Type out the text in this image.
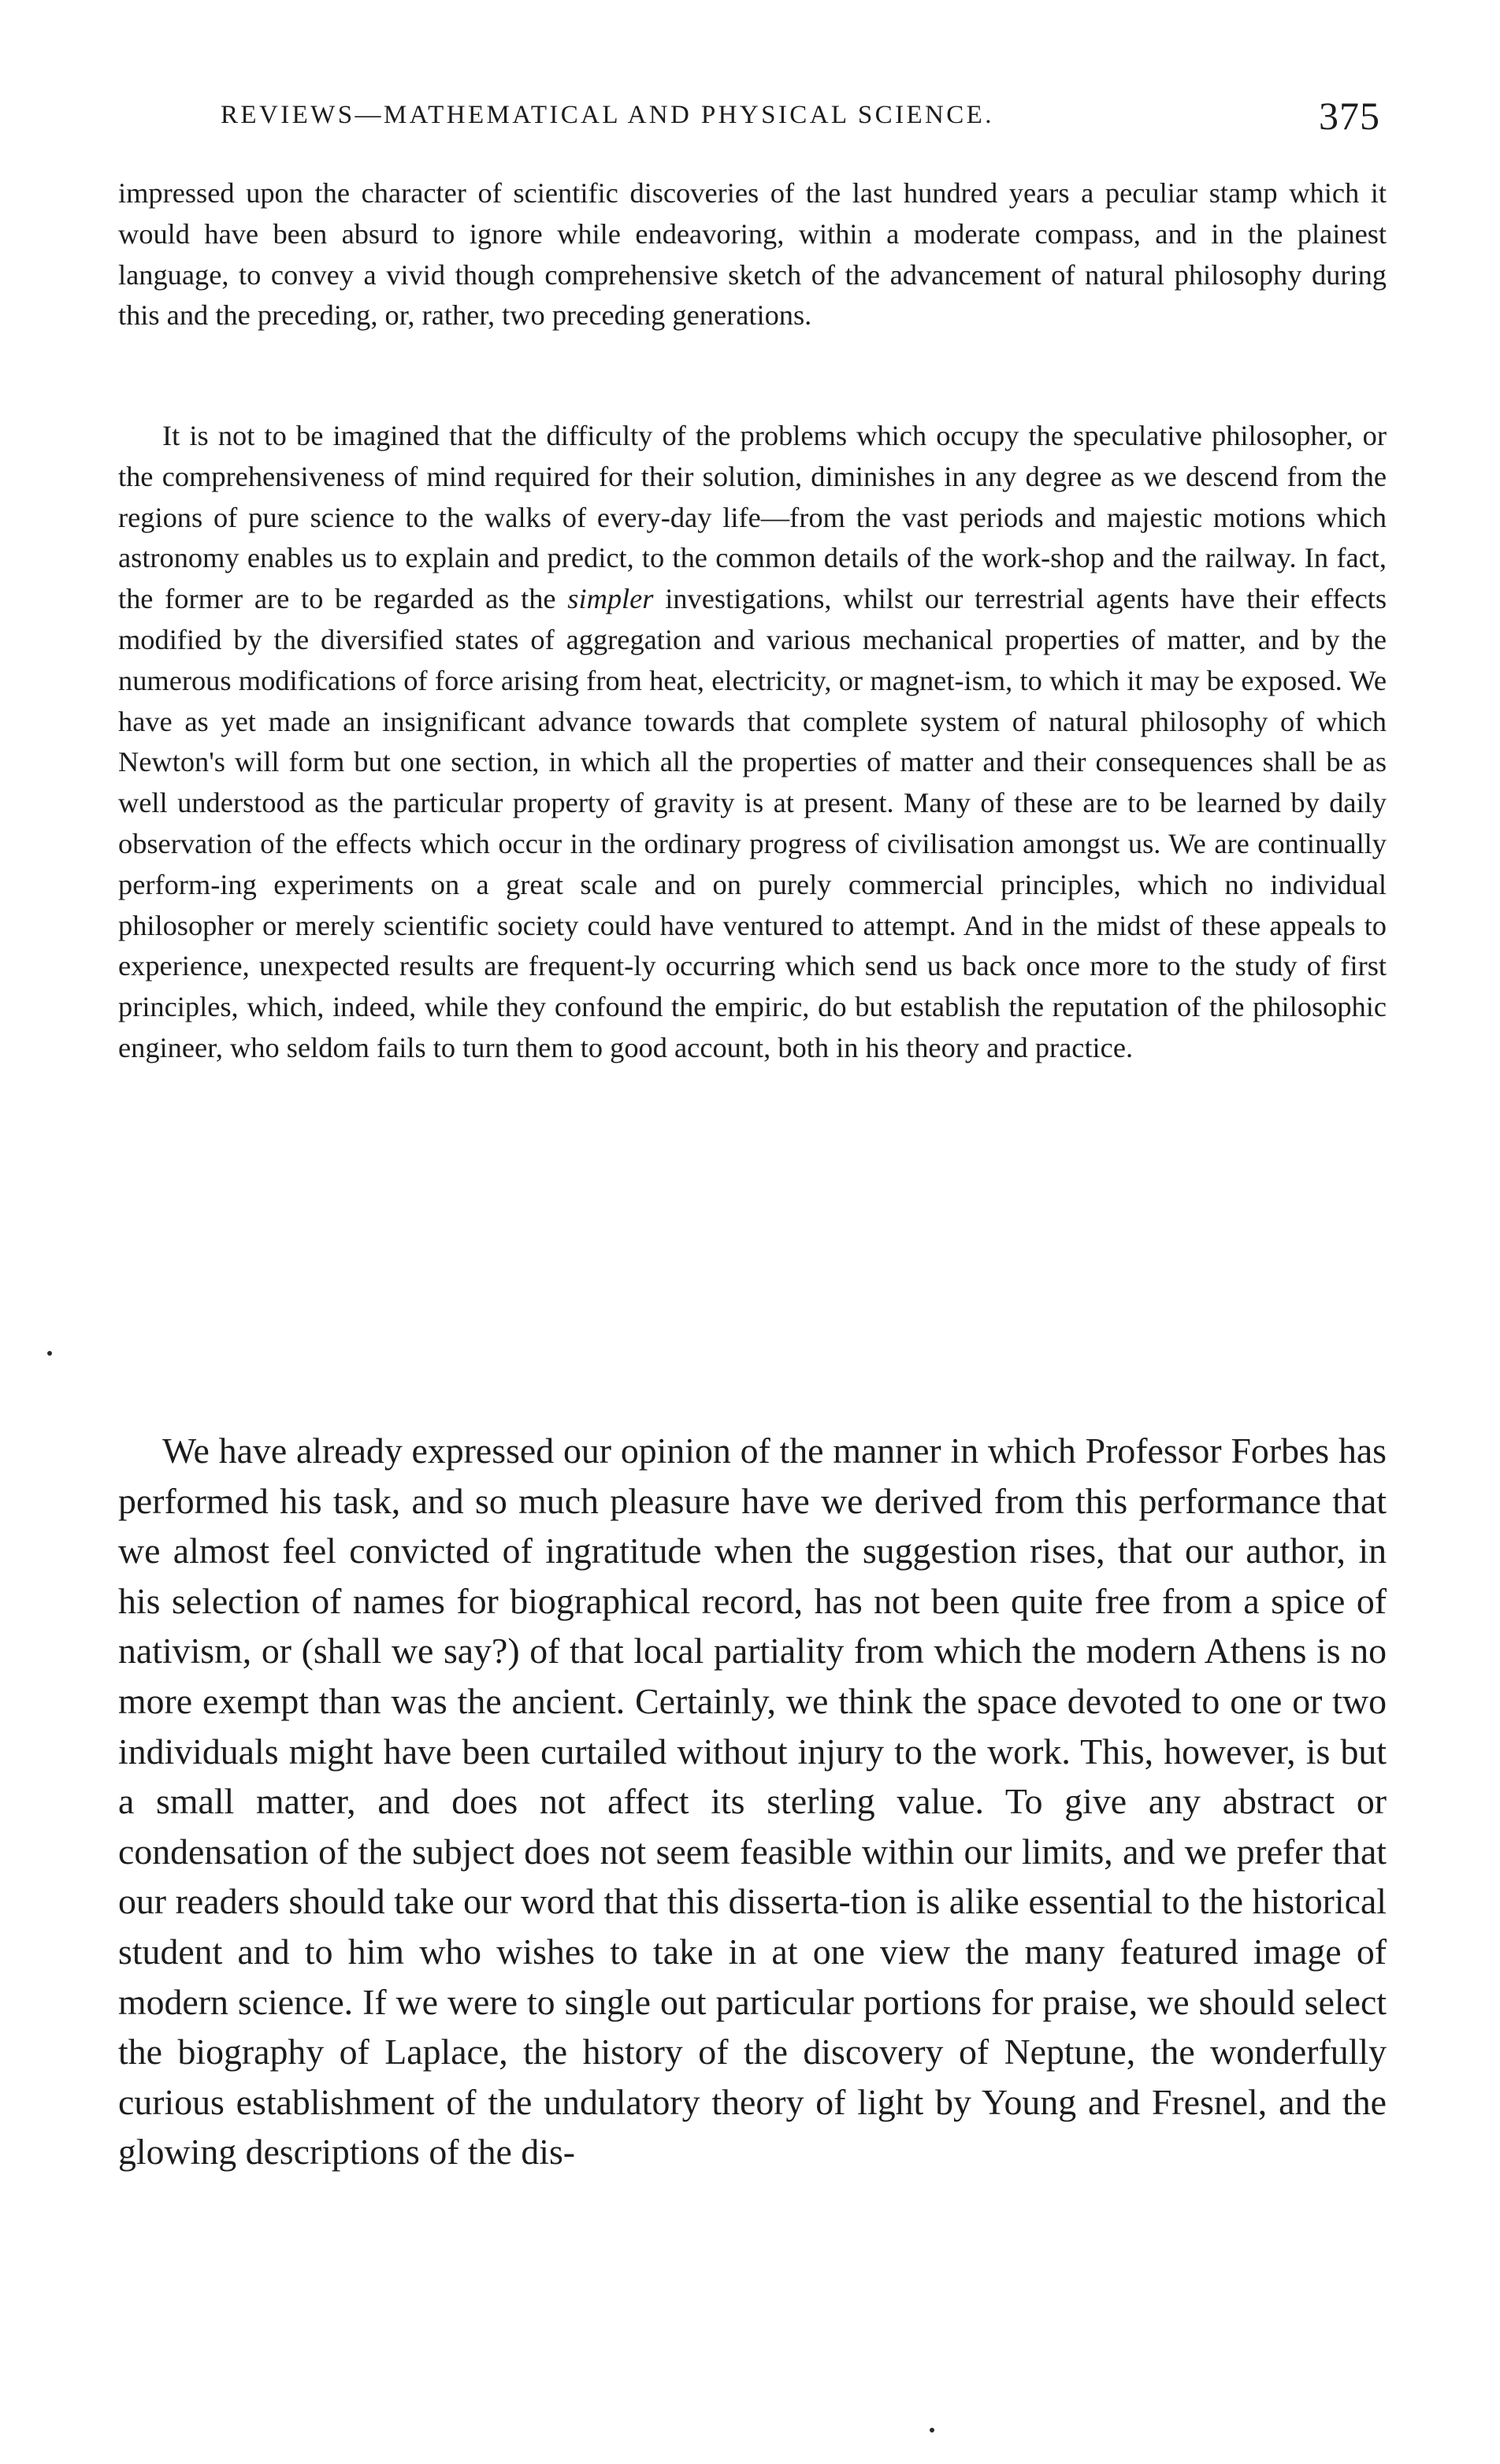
REVIEWS—MATHEMATICAL AND PHYSICAL SCIENCE.	375

impressed upon the character of scientific discoveries of the last hundred years a peculiar stamp which it would have been absurd to ignore while endeavoring, within a moderate compass, and in the plainest language, to convey a vivid though comprehensive sketch of the advancement of natural philosophy during this and the preceding, or, rather, two preceding generations.

It is not to be imagined that the difficulty of the problems which occupy the speculative philosopher, or the comprehensiveness of mind required for their solution, diminishes in any degree as we descend from the regions of pure science to the walks of every-day life—from the vast periods and majestic motions which astronomy enables us to explain and predict, to the common details of the work-shop and the railway. In fact, the former are to be regarded as the simpler investigations, whilst our terrestrial agents have their effects modified by the diversified states of aggregation and various mechanical properties of matter, and by the numerous modifications of force arising from heat, electricity, or magnet-ism, to which it may be exposed. We have as yet made an insignificant advance towards that complete system of natural philosophy of which Newton's will form but one section, in which all the properties of matter and their consequences shall be as well understood as the particular property of gravity is at present. Many of these are to be learned by daily observation of the effects which occur in the ordinary progress of civilisation amongst us. We are continually perform-ing experiments on a great scale and on purely commercial principles, which no individual philosopher or merely scientific society could have ventured to attempt. And in the midst of these appeals to experience, unexpected results are frequent-ly occurring which send us back once more to the study of first principles, which, indeed, while they confound the empiric, do but establish the reputation of the philosophic engineer, who seldom fails to turn them to good account, both in his theory and practice.

We have already expressed our opinion of the manner in which Professor Forbes has performed his task, and so much pleasure have we derived from this performance that we almost feel convicted of ingratitude when the suggestion rises, that our author, in his selection of names for biographical record, has not been quite free from a spice of nativism, or (shall we say?) of that local partiality from which the modern Athens is no more exempt than was the ancient. Certainly, we think the space devoted to one or two individuals might have been curtailed without injury to the work. This, however, is but a small matter, and does not affect its sterling value. To give any abstract or condensation of the subject does not seem feasible within our limits, and we prefer that our readers should take our word that this disserta-tion is alike essential to the historical student and to him who wishes to take in at one view the many featured image of modern science. If we were to single out particular portions for praise, we should select the biography of Laplace, the history of the discovery of Neptune, the wonderfully curious establishment of the undulatory theory of light by Young and Fresnel, and the glowing descriptions of the dis-
